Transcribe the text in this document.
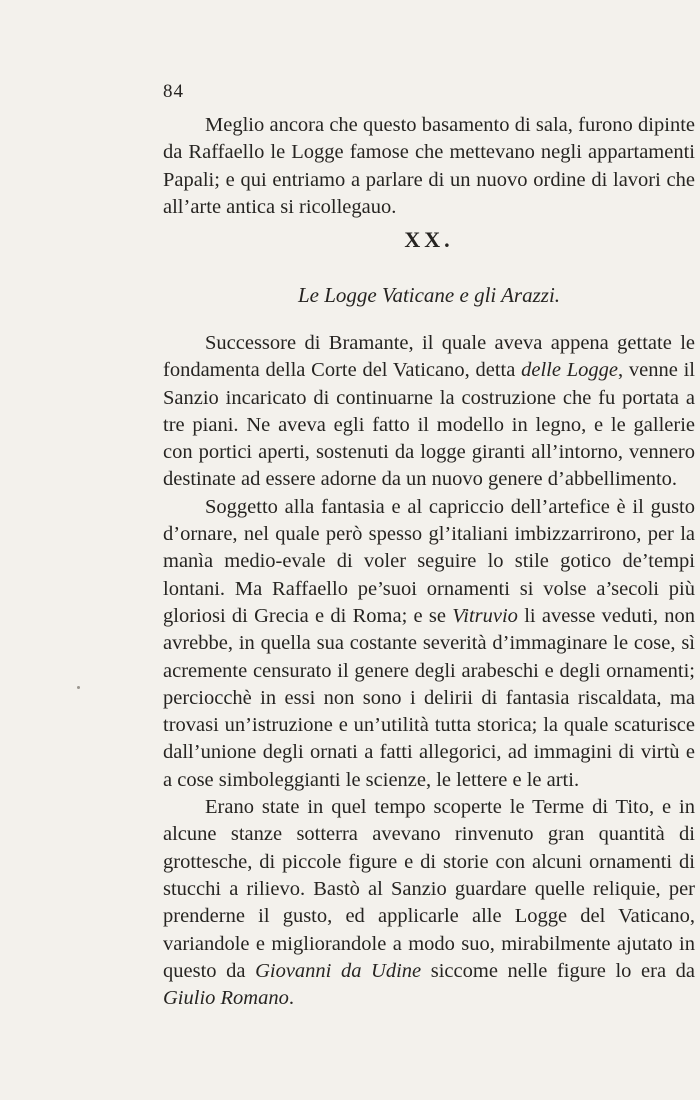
84

Meglio ancora che questo basamento di sala, furono dipinte da Raffaello le Logge famose che mettevano negli appartamenti Papali; e qui entriamo a parlare di un nuovo ordine di lavori che all’arte antica si ricollegauo.

XX.
Le Logge Vaticane e gli Arazzi.

Successore di Bramante, il quale aveva appena gettate le fondamenta della Corte del Vaticano, detta delle Logge, venne il Sanzio incaricato di continuarne la costruzione che fu portata a tre piani. Ne aveva egli fatto il modello in legno, e le gallerie con portici aperti, sostenuti da logge giranti all’intorno, vennero destinate ad essere adorne da un nuovo genere d’abbellimento.

Soggetto alla fantasia e al capriccio dell’artefice è il gusto d’ornare, nel quale però spesso gl’italiani imbizzarrirono, per la manìa medio-evale di voler seguire lo stile gotico de’tempi lontani. Ma Raffaello pe’suoi ornamenti si volse a’secoli più gloriosi di Grecia e di Roma; e se Vitruvio li avesse veduti, non avrebbe, in quella sua costante severità d’immaginare le cose, sì acremente censurato il genere degli arabeschi e degli ornamenti; perciocchè in essi non sono i delirii di fantasia riscaldata, ma trovasi un’istruzione e un’utilità tutta storica; la quale scaturisce dall’unione degli ornati a fatti allegorici, ad immagini di virtù e a cose simboleggianti le scienze, le lettere e le arti.

Erano state in quel tempo scoperte le Terme di Tito, e in alcune stanze sotterra avevano rinvenuto gran quantità di grottesche, di piccole figure e di storie con alcuni ornamenti di stucchi a rilievo. Bastò al Sanzio guardare quelle reliquie, per prenderne il gusto, ed applicarle alle Logge del Vaticano, variandole e migliorandole a modo suo, mirabilmente ajutato in questo da Giovanni da Udine siccome nelle figure lo era da Giulio Romano.
